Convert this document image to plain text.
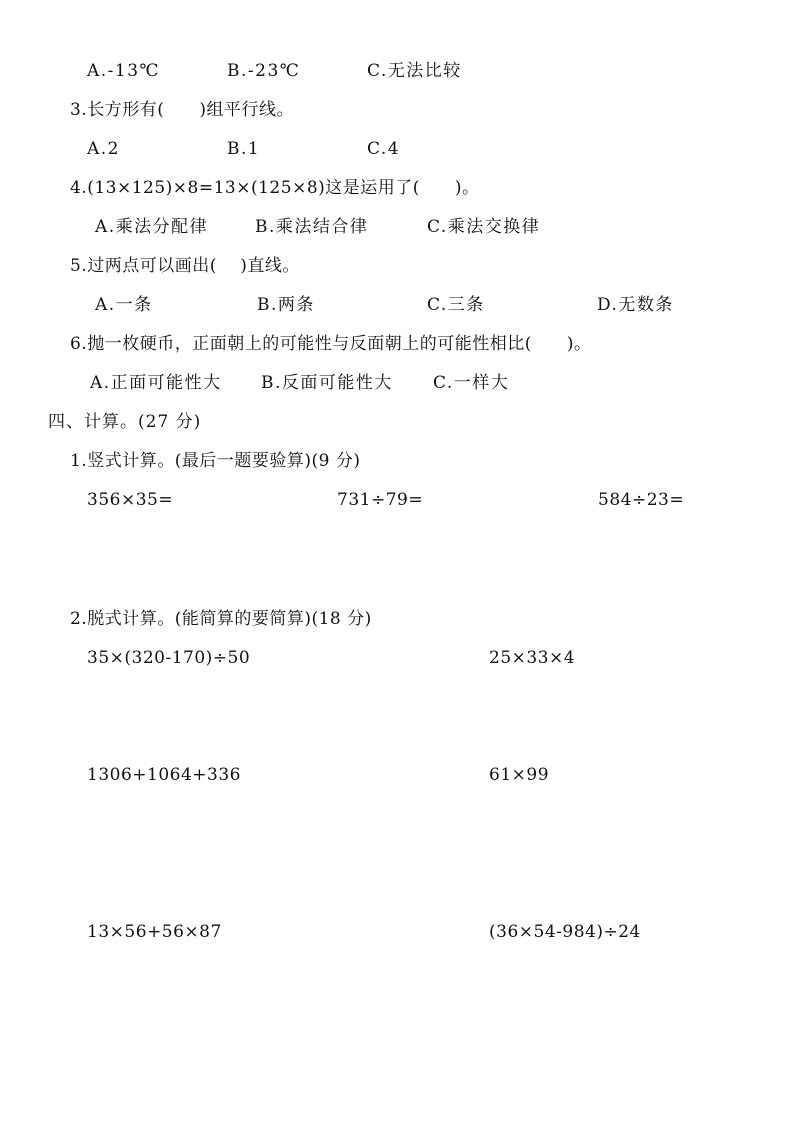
A.-13℃	B.-23℃	C.无法比较
3.长方形有(　　)组平行线。
A.2	B.1	C.4
4.(13×125)×8=13×(125×8)这是运用了(　　)。
A.乘法分配律	B.乘法结合律	C.乘法交换律
5.过两点可以画出(　 )直线。
A.一条	B.两条	C.三条	D.无数条
6.抛一枚硬币，正面朝上的可能性与反面朝上的可能性相比(　　)。
A.正面可能性大 B.反面可能性大 C.一样大
四、计算。(27 分)
1.竖式计算。(最后一题要验算)(9 分)
356×35=	731÷79=	584÷23=
2.脱式计算。(能简算的要简算)(18 分)
35×(320-170)÷50	25×33×4
1306+1064+336	61×99
13×56+56×87	(36×54-984)÷24
